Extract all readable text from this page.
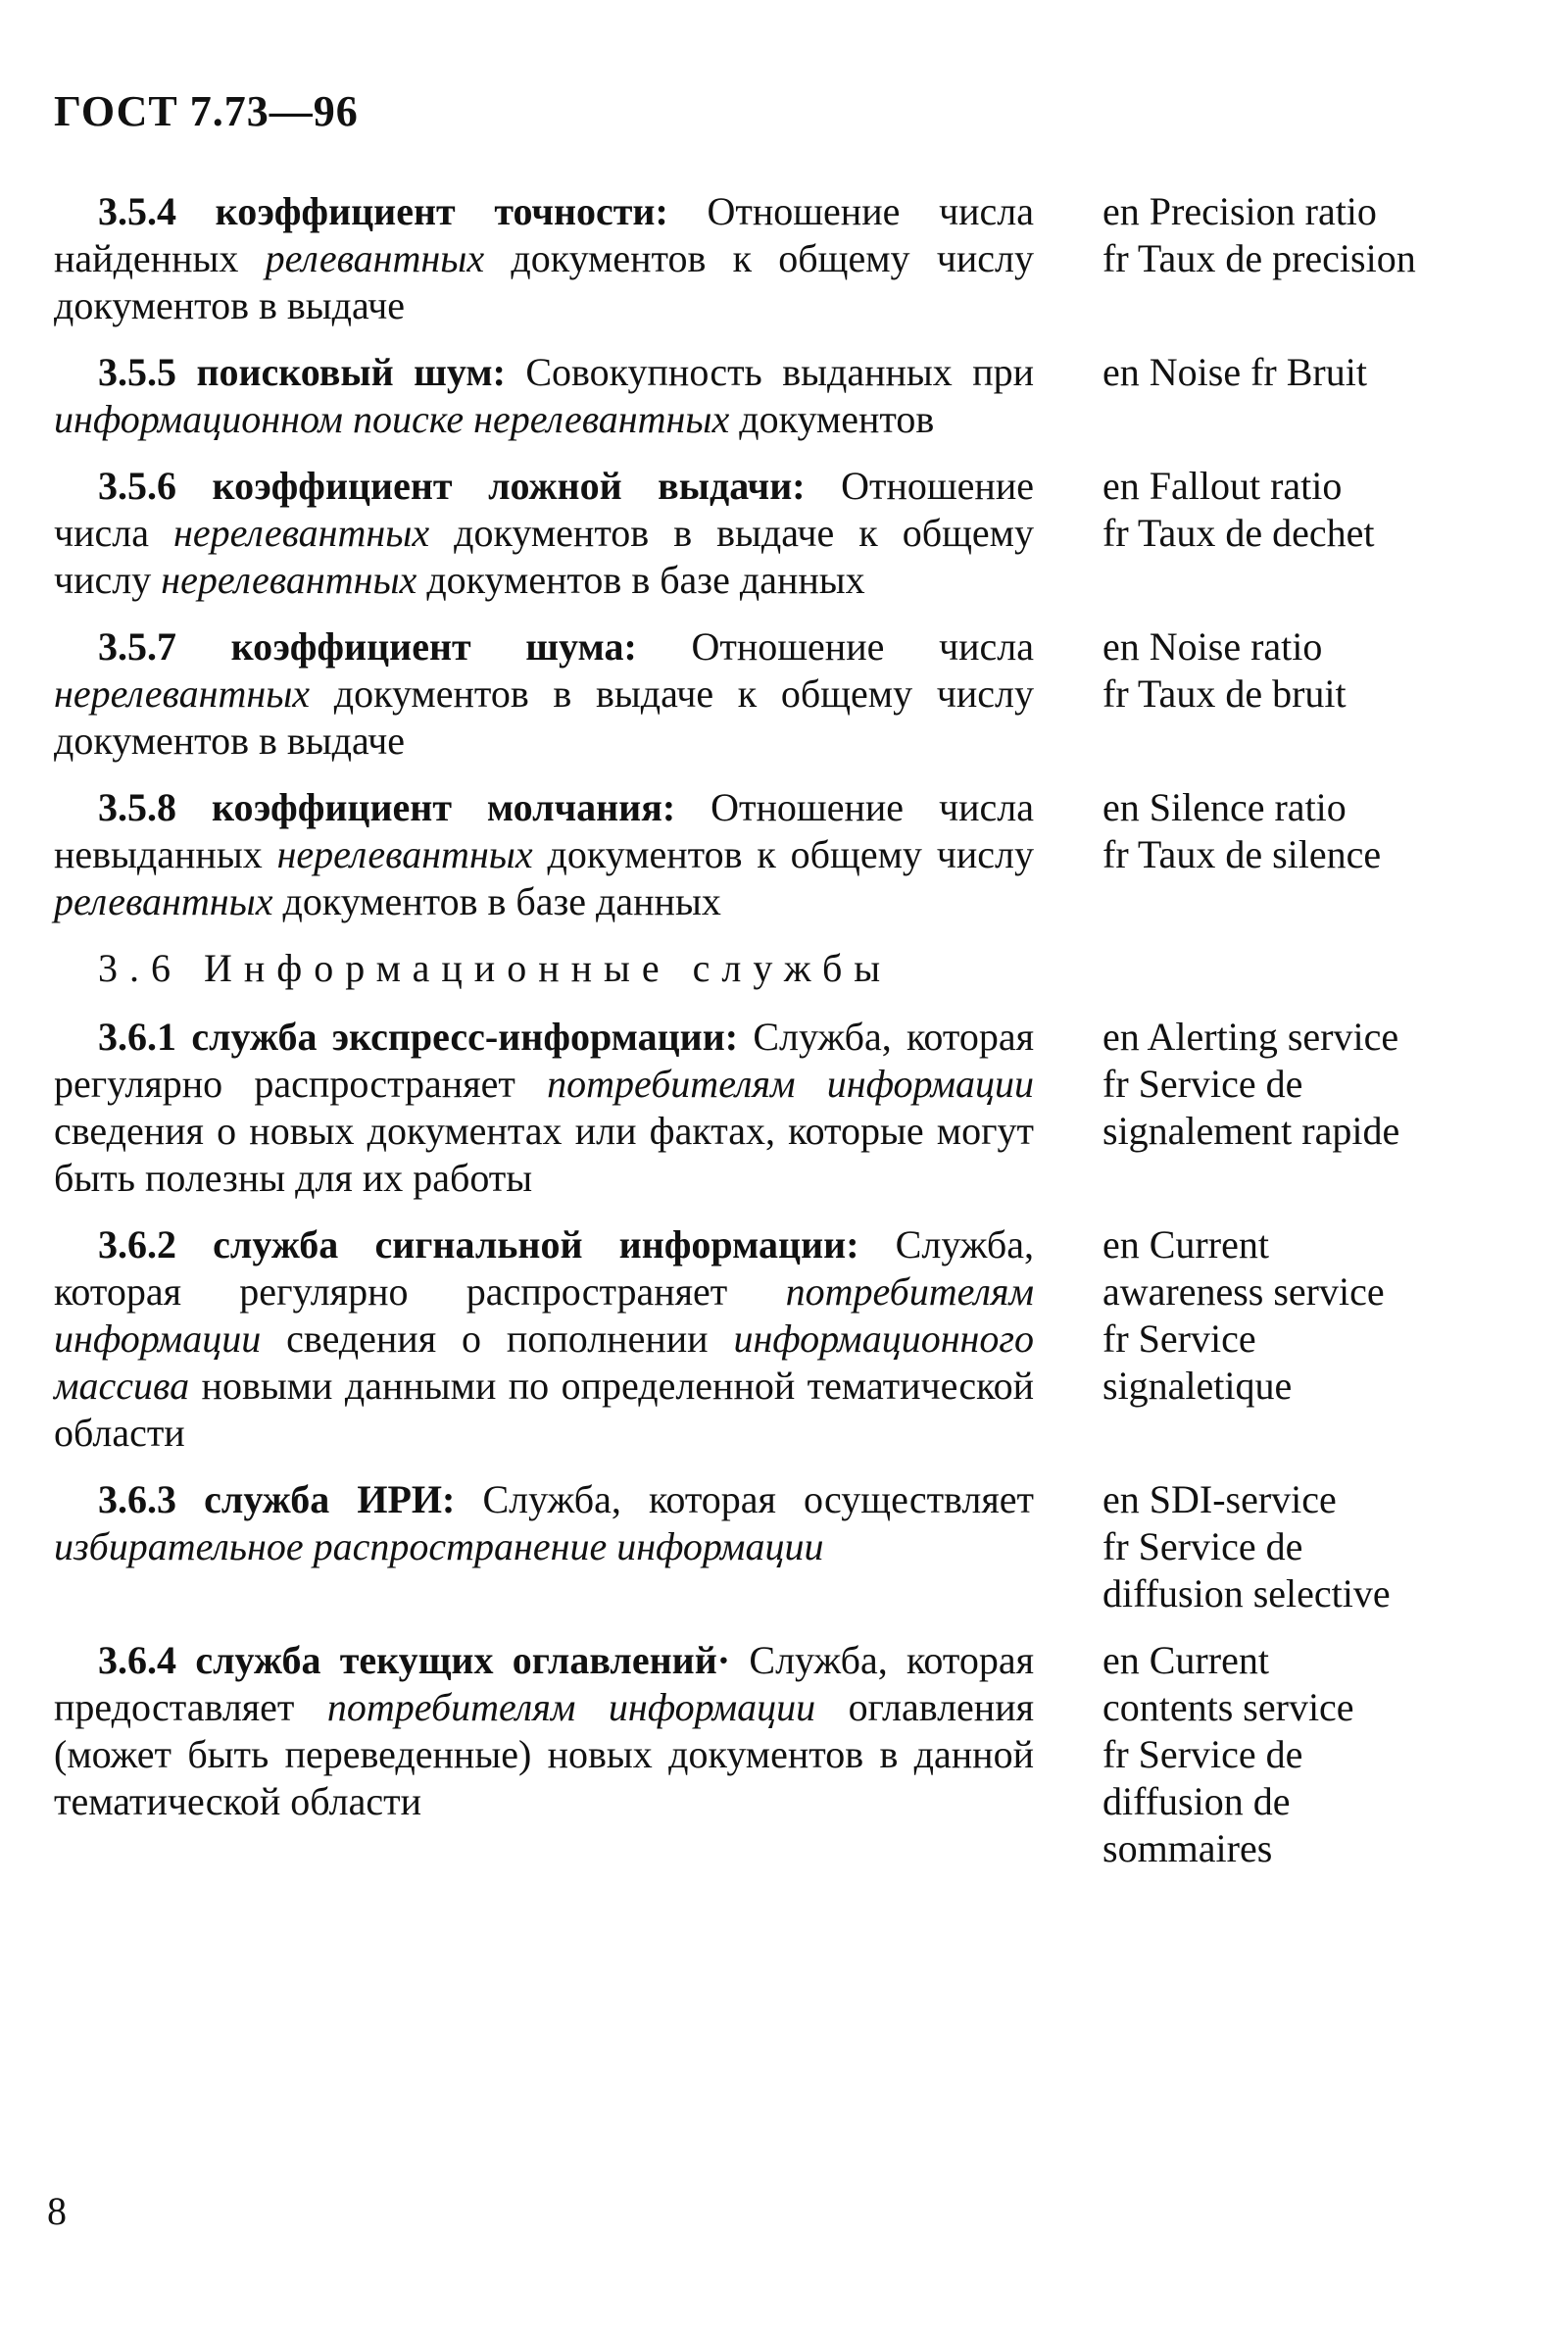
ГОСТ 7.73—96
3.5.4 коэффициент точности: Отношение числа найденных релевантных документов к общему числу документов в выдаче
en Precision ratio
fr Taux de precision
3.5.5 поисковый шум: Совокупность выданных при информационном поиске нерелевантных документов
en Noise fr Bruit
3.5.6 коэффициент ложной выдачи: Отношение числа нерелевантных документов в выдаче к общему числу нерелевантных документов в базе данных
en Fallout ratio
fr Taux de dechet
3.5.7 коэффициент шума: Отношение числа нерелевантных документов в выдаче к общему числу документов в выдаче
en Noise ratio
fr Taux de bruit
3.5.8 коэффициент молчания: Отношение числа невыданных нерелевантных документов к общему числу релевантных документов в базе данных
en Silence ratio
fr Taux de silence
3.6 Информационные службы
3.6.1 служба экспресс-информации: Служба, которая регулярно распространяет потребителям информации сведения о новых документах или фактах, которые могут быть полезны для их работы
en Alerting service
fr Service de
signalement rapide
3.6.2 служба сигнальной информации: Служба, которая регулярно распространяет потребителям информации сведения о пополнении информационного массива новыми данными по определенной тематической области
en Current
awareness service
fr Service
signaletique
3.6.3 служба ИРИ: Служба, которая осуществляет избирательное распространение информации
en SDI-service
fr Service de
diffusion selective
3.6.4 служба текущих оглавлений· Служба, которая предоставляет потребителям информации оглавления (может быть переведенные) новых документов в данной тематической области
en Current
contents service
fr Service de
diffusion de
sommaires
8
